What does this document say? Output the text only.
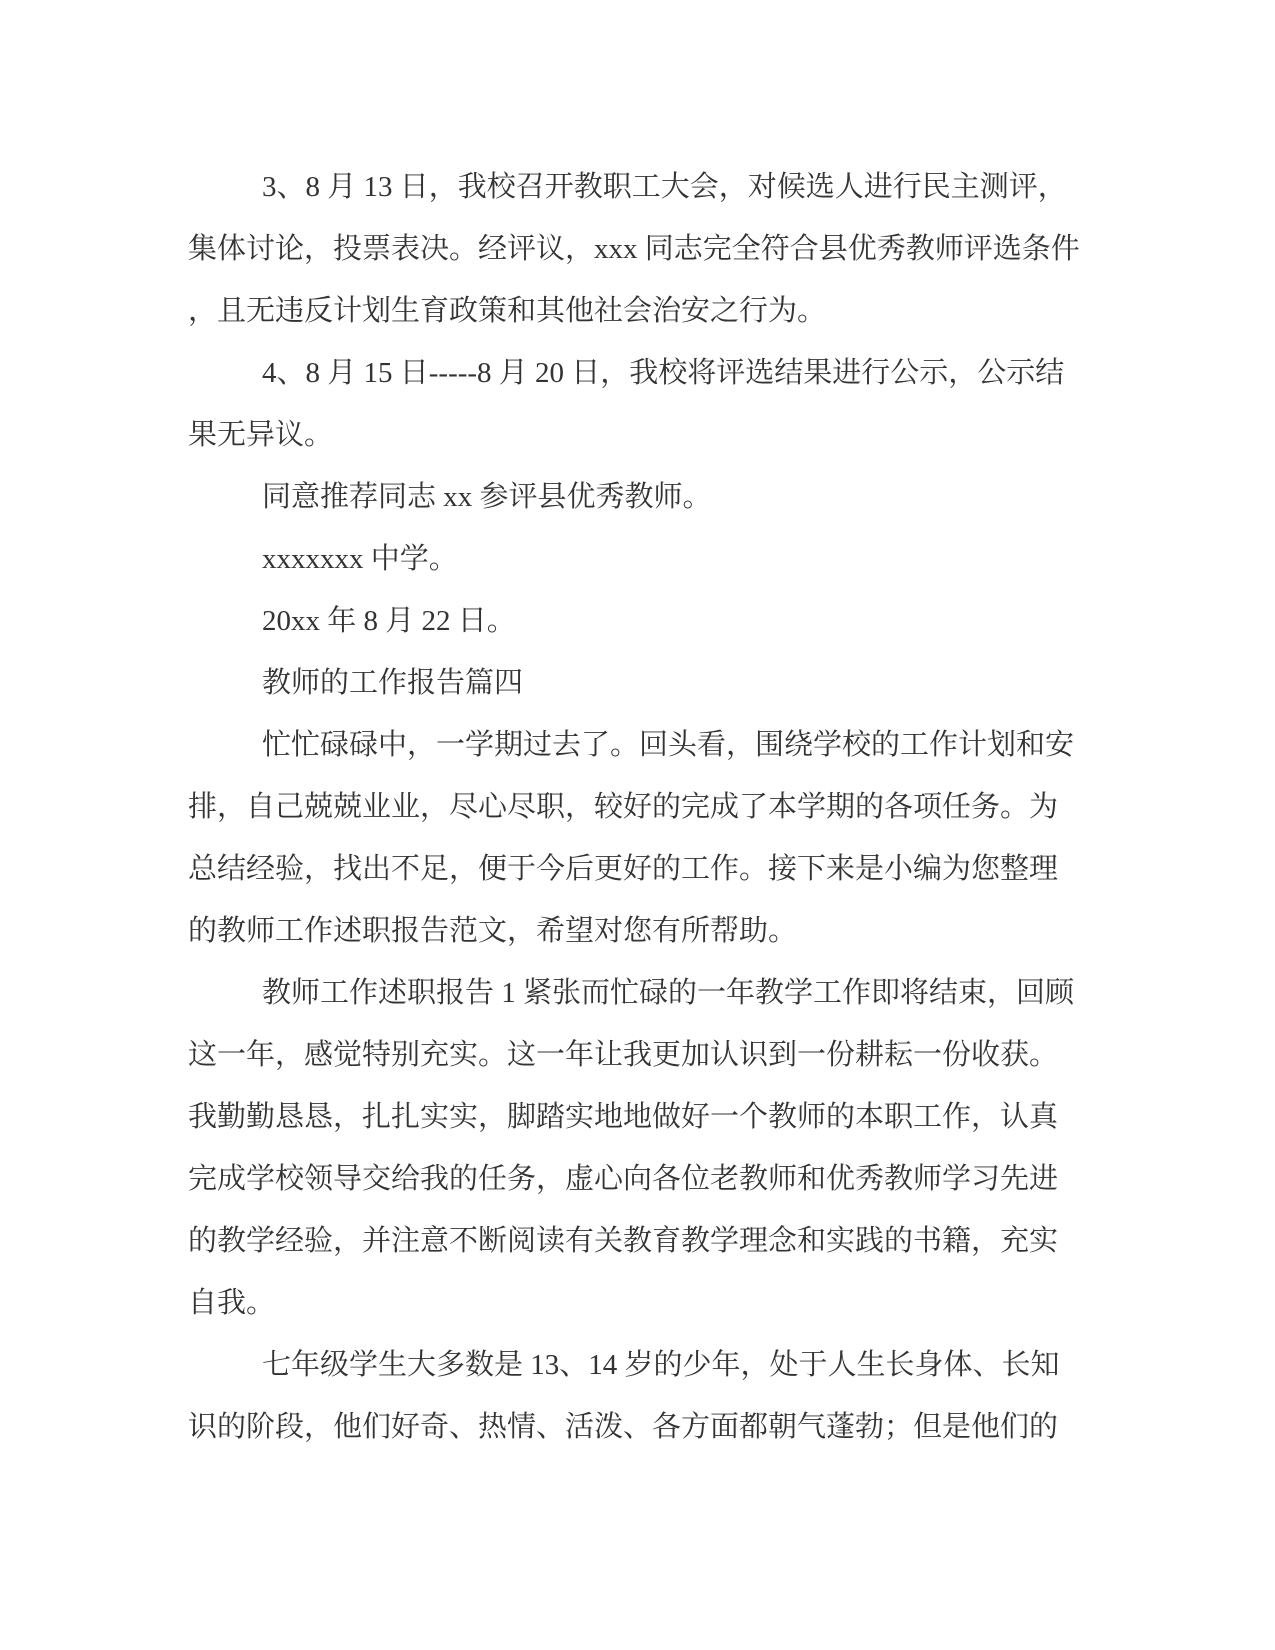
3、8 月 13 日，我校召开教职工大会，对候选人进行民主测评，
集体讨论，投票表决。经评议，xxx 同志完全符合县优秀教师评选条件
，且无违反计划生育政策和其他社会治安之行为。
4、8 月 15 日-----8 月 20 日，我校将评选结果进行公示，公示结
果无异议。
同意推荐同志 xx 参评县优秀教师。
xxxxxxx 中学。
20xx 年 8 月 22 日。
教师的工作报告篇四
忙忙碌碌中，一学期过去了。回头看，围绕学校的工作计划和安
排，自己兢兢业业，尽心尽职，较好的完成了本学期的各项任务。为
总结经验，找出不足，便于今后更好的工作。接下来是小编为您整理
的教师工作述职报告范文，希望对您有所帮助。
教师工作述职报告 1 紧张而忙碌的一年教学工作即将结束，回顾
这一年，感觉特别充实。这一年让我更加认识到一份耕耘一份收获。
我勤勤恳恳，扎扎实实，脚踏实地地做好一个教师的本职工作，认真
完成学校领导交给我的任务，虚心向各位老教师和优秀教师学习先进
的教学经验，并注意不断阅读有关教育教学理念和实践的书籍，充实
自我。
七年级学生大多数是 13、14 岁的少年，处于人生长身体、长知
识的阶段，他们好奇、热情、活泼、各方面都朝气蓬勃；但是他们的
